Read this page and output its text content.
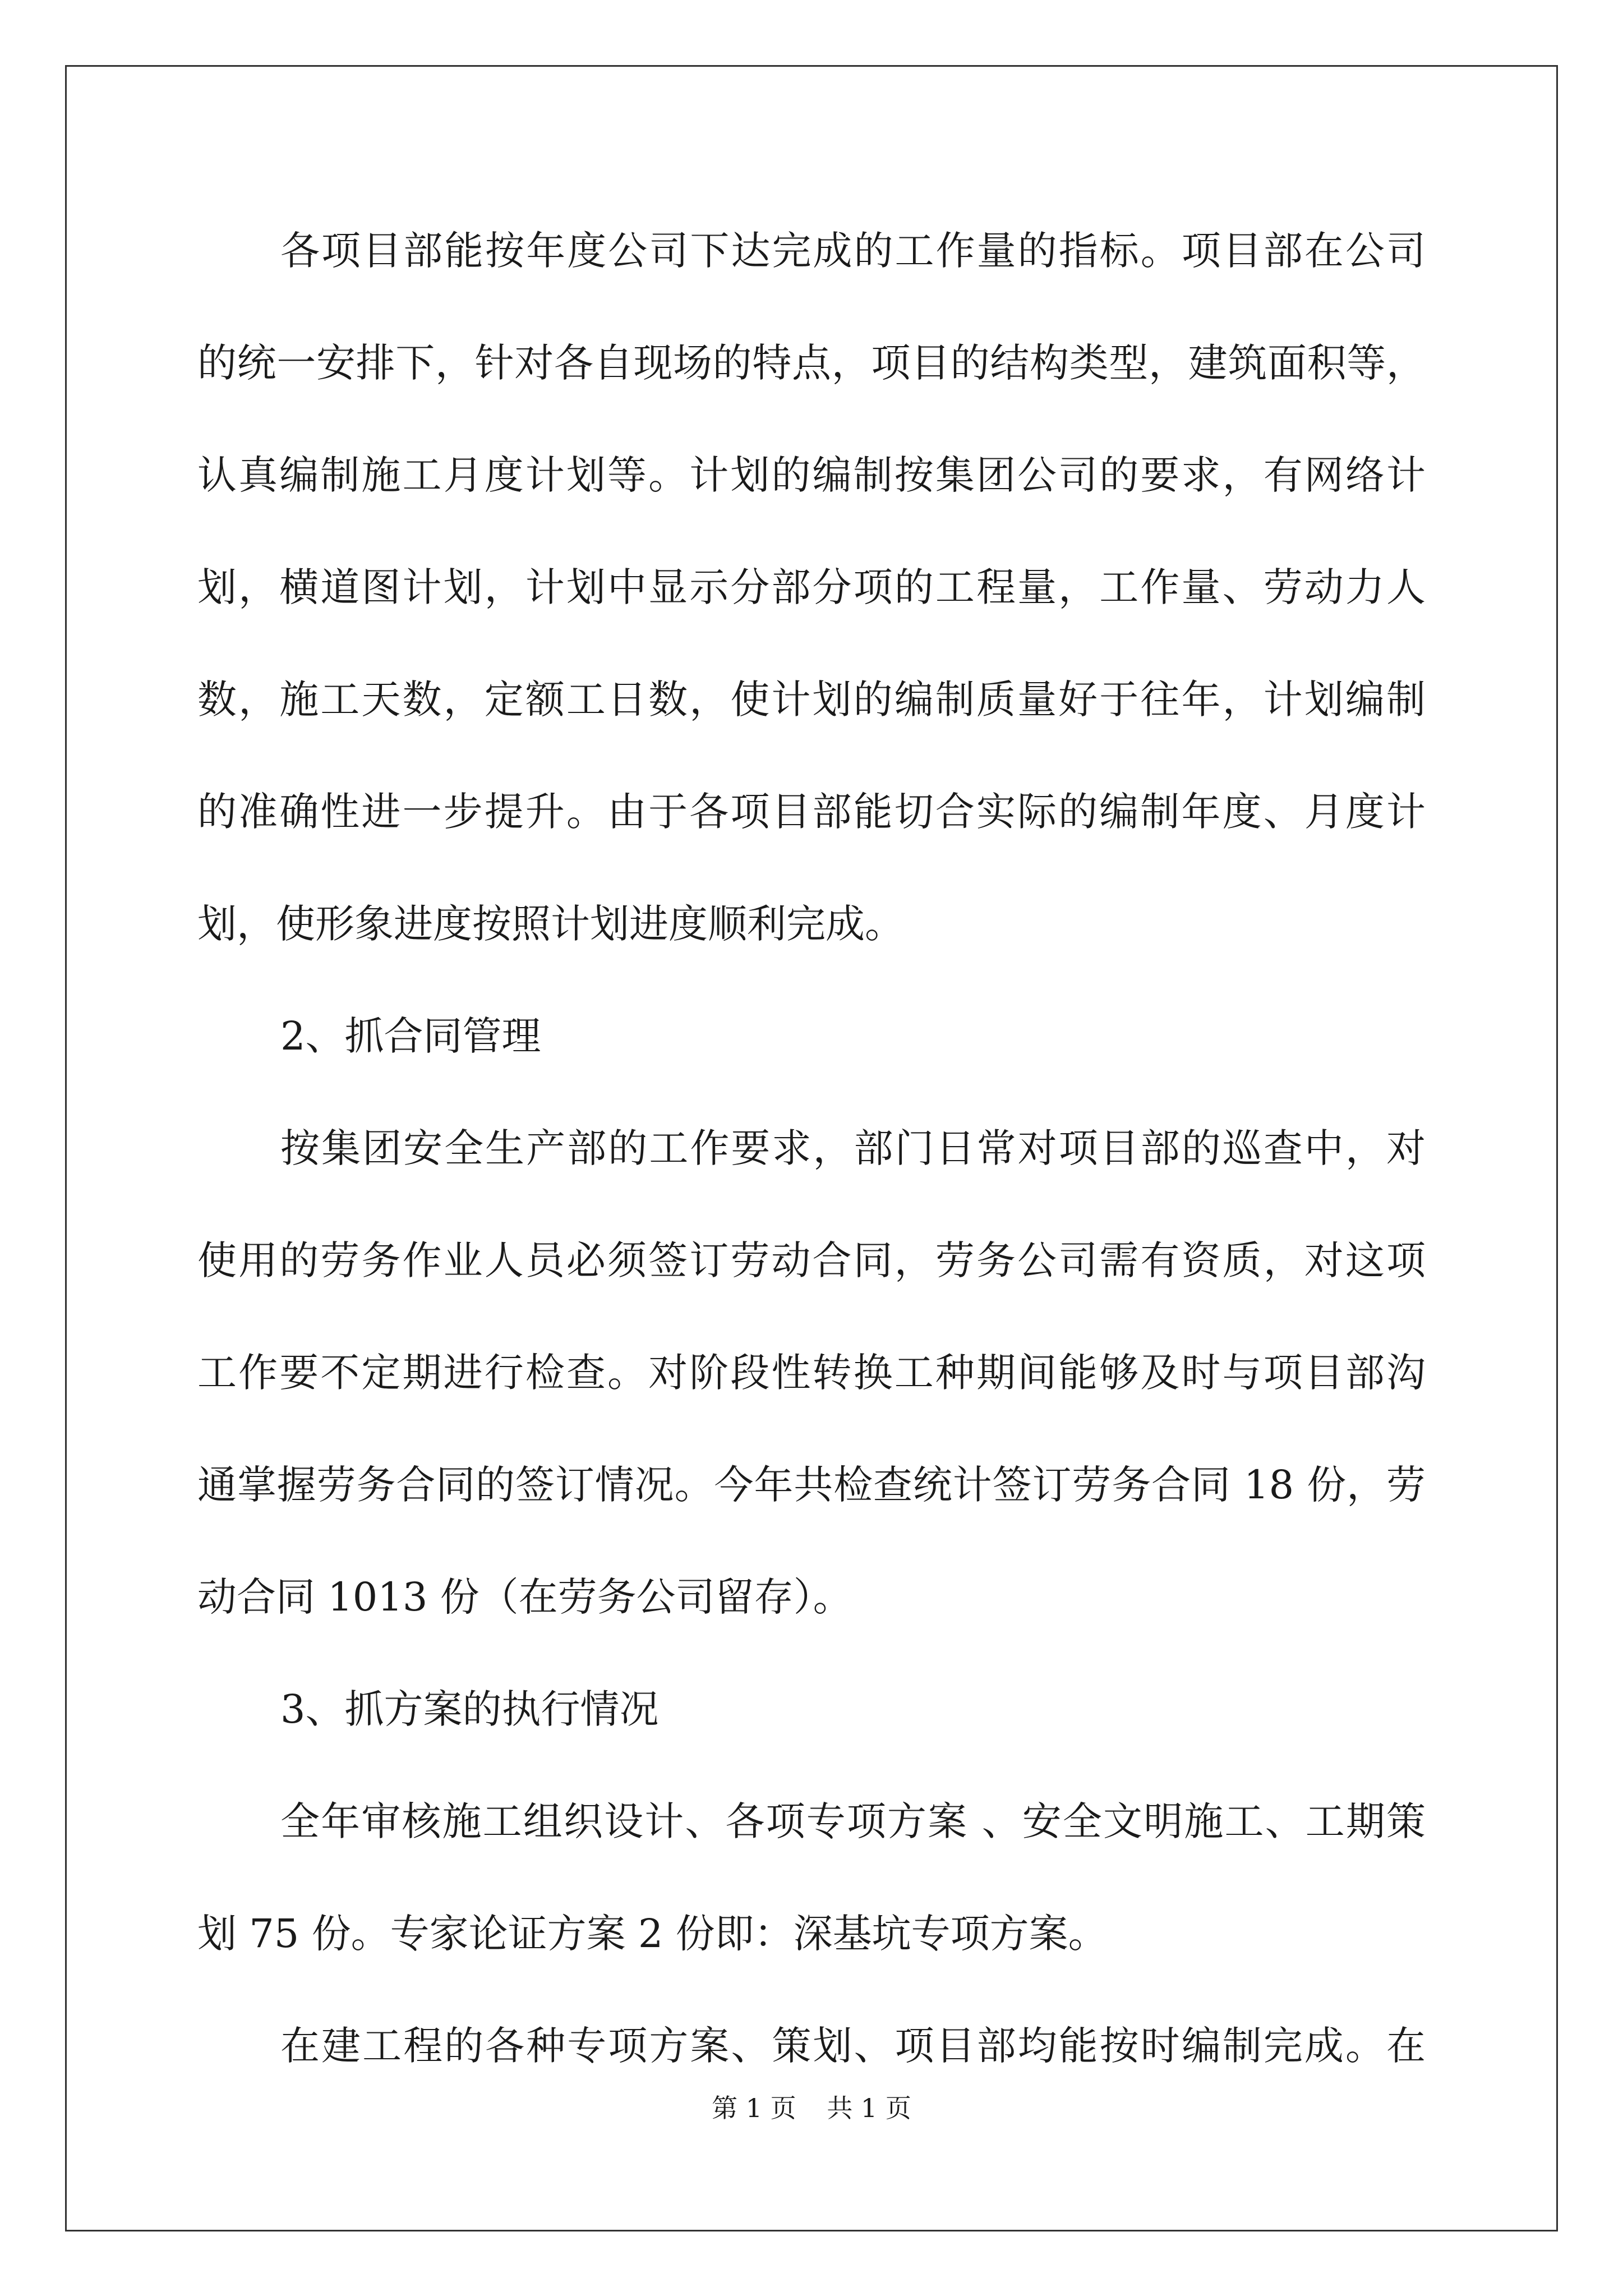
各项目部能按年度公司下达完成的工作量的指标。项目部在公司
的统一安排下，针对各自现场的特点，项目的结构类型，建筑面积等，
认真编制施工月度计划等。计划的编制按集团公司的要求，有网络计
划，横道图计划，计划中显示分部分项的工程量，工作量、劳动力人
数，施工天数，定额工日数，使计划的编制质量好于往年，计划编制
的准确性进一步提升。由于各项目部能切合实际的编制年度、月度计
划，使形象进度按照计划进度顺利完成。
2、抓合同管理
按集团安全生产部的工作要求，部门日常对项目部的巡查中，对
使用的劳务作业人员必须签订劳动合同，劳务公司需有资质，对这项
工作要不定期进行检查。对阶段性转换工种期间能够及时与项目部沟
通掌握劳务合同的签订情况。今年共检查统计签订劳务合同 18 份，劳
动合同 1013 份（在劳务公司留存）。
3、抓方案的执行情况
全年审核施工组织设计、各项专项方案 、安全文明施工、工期策
划 75 份。专家论证方案 2 份即：深基坑专项方案。
在建工程的各种专项方案、策划、项目部均能按时编制完成。在
第 1 页 共 1 页
